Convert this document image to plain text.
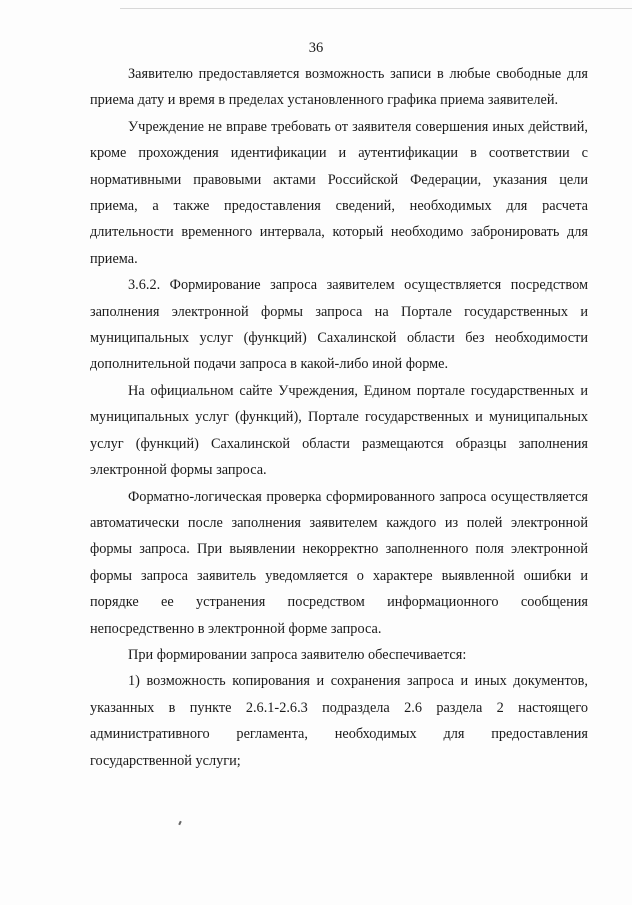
36

Заявителю предоставляется возможность записи в любые свободные для приема дату и время в пределах установленного графика приема заявителей.

Учреждение не вправе требовать от заявителя совершения иных действий, кроме прохождения идентификации и аутентификации в соответствии с нормативными правовыми актами Российской Федерации, указания цели приема, а также предоставления сведений, необходимых для расчета длительности временного интервала, который необходимо забронировать для приема.

3.6.2. Формирование запроса заявителем осуществляется посредством заполнения электронной формы запроса на Портале государственных и муниципальных услуг (функций) Сахалинской области без необходимости дополнительной подачи запроса в какой-либо иной форме.

На официальном сайте Учреждения, Едином портале государственных и муниципальных услуг (функций), Портале государственных и муниципальных услуг (функций) Сахалинской области размещаются образцы заполнения электронной формы запроса.

Форматно-логическая проверка сформированного запроса осуществляется автоматически после заполнения заявителем каждого из полей электронной формы запроса. При выявлении некорректно заполненного поля электронной формы запроса заявитель уведомляется о характере выявленной ошибки и порядке ее устранения посредством информационного сообщения непосредственно в электронной форме запроса.

При формировании запроса заявителю обеспечивается:

1) возможность копирования и сохранения запроса и иных документов, указанных в пункте 2.6.1-2.6.3 подраздела 2.6 раздела 2 настоящего административного регламента, необходимых для предоставления государственной услуги;
